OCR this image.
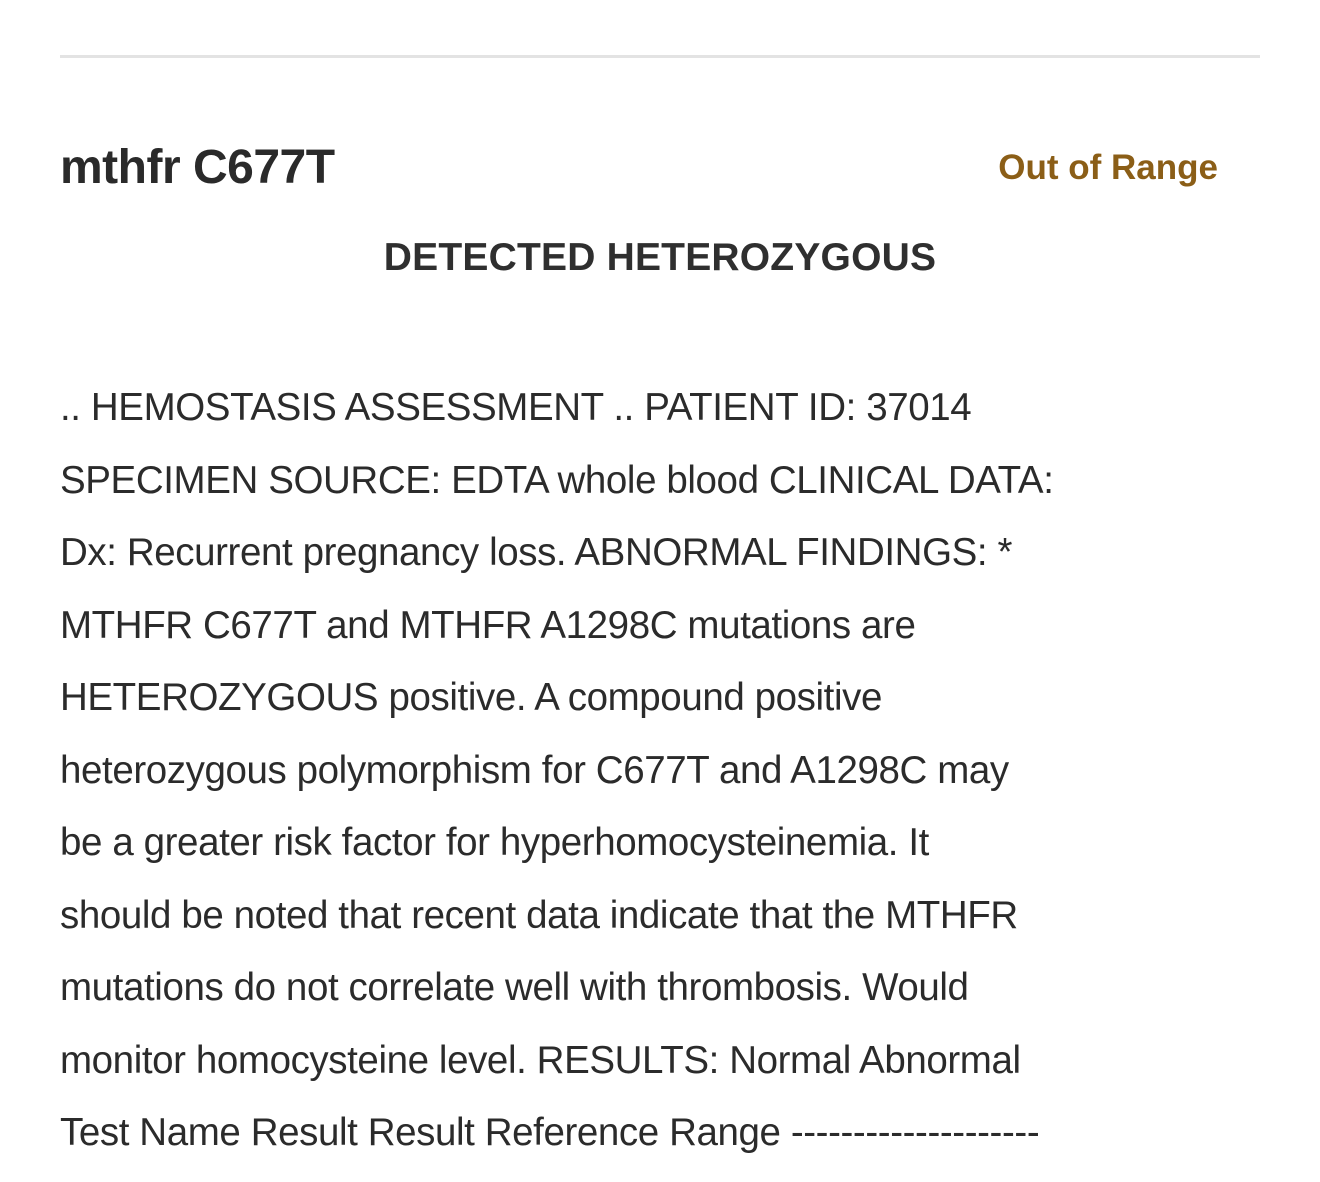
mthfr C677T	Out of Range
DETECTED HETEROZYGOUS
.. HEMOSTASIS ASSESSMENT .. PATIENT ID: 37014
SPECIMEN SOURCE: EDTA whole blood CLINICAL DATA:
Dx: Recurrent pregnancy loss. ABNORMAL FINDINGS: *
MTHFR C677T and MTHFR A1298C mutations are
HETEROZYGOUS positive. A compound positive
heterozygous polymorphism for C677T and A1298C may
be a greater risk factor for hyperhomocysteinemia. It
should be noted that recent data indicate that the MTHFR
mutations do not correlate well with thrombosis. Would
monitor homocysteine level. RESULTS: Normal Abnormal
Test Name Result Result Reference Range --------------------
